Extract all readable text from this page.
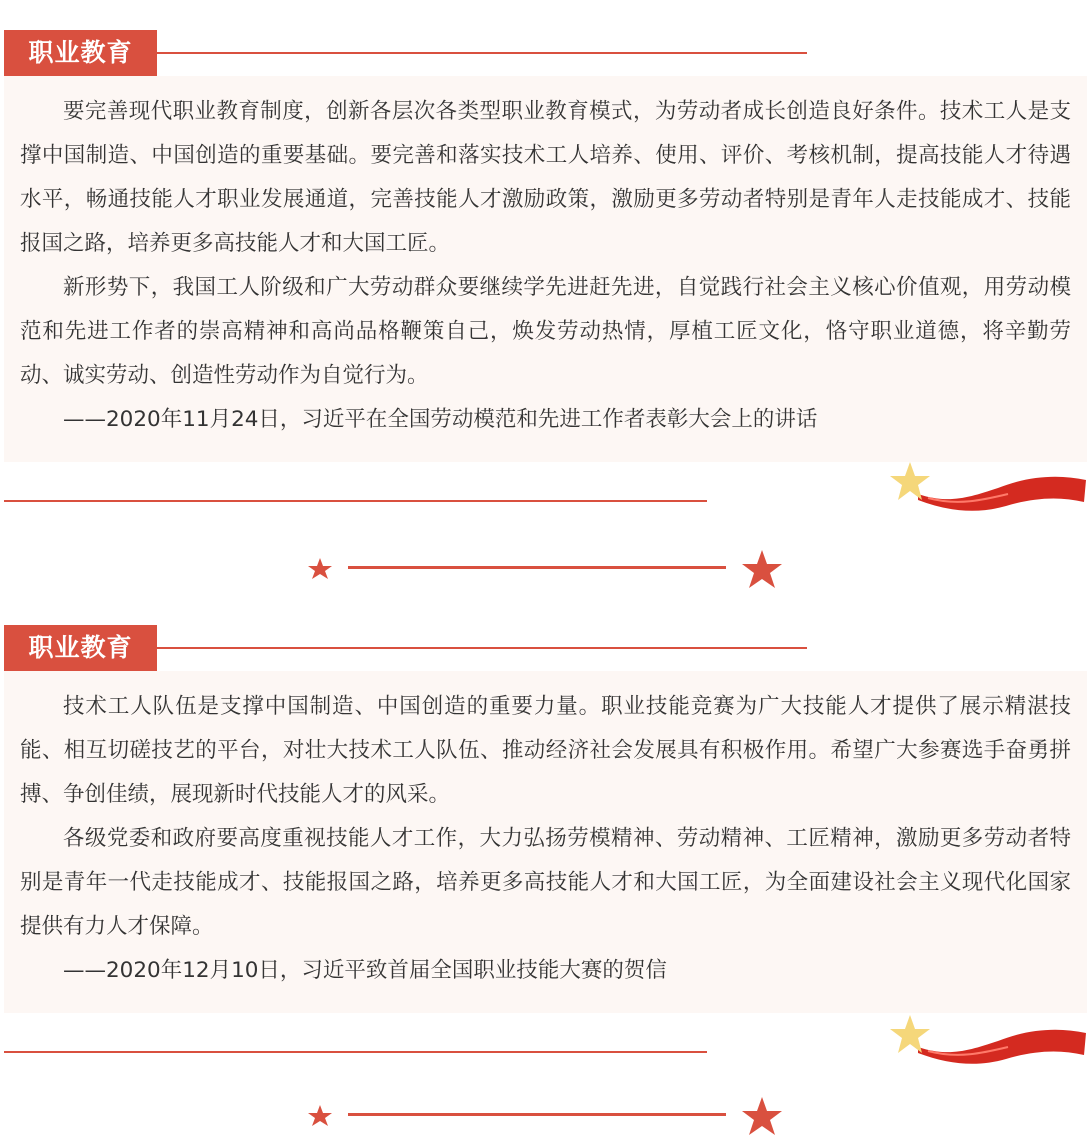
职业教育

要完善现代职业教育制度，创新各层次各类型职业教育模式，为劳动者成长创造良好条件。技术工人是支撑中国制造、中国创造的重要基础。要完善和落实技术工人培养、使用、评价、考核机制，提高技能人才待遇水平，畅通技能人才职业发展通道，完善技能人才激励政策，激励更多劳动者特别是青年人走技能成才、技能报国之路，培养更多高技能人才和大国工匠。

新形势下，我国工人阶级和广大劳动群众要继续学先进赶先进，自觉践行社会主义核心价值观，用劳动模范和先进工作者的崇高精神和高尚品格鞭策自己，焕发劳动热情，厚植工匠文化，恪守职业道德，将辛勤劳动、诚实劳动、创造性劳动作为自觉行为。

——2020年11月24日，习近平在全国劳动模范和先进工作者表彰大会上的讲话

职业教育

技术工人队伍是支撑中国制造、中国创造的重要力量。职业技能竞赛为广大技能人才提供了展示精湛技能、相互切磋技艺的平台，对壮大技术工人队伍、推动经济社会发展具有积极作用。希望广大参赛选手奋勇拼搏、争创佳绩，展现新时代技能人才的风采。

各级党委和政府要高度重视技能人才工作，大力弘扬劳模精神、劳动精神、工匠精神，激励更多劳动者特别是青年一代走技能成才、技能报国之路，培养更多高技能人才和大国工匠，为全面建设社会主义现代化国家提供有力人才保障。

——2020年12月10日，习近平致首届全国职业技能大赛的贺信
